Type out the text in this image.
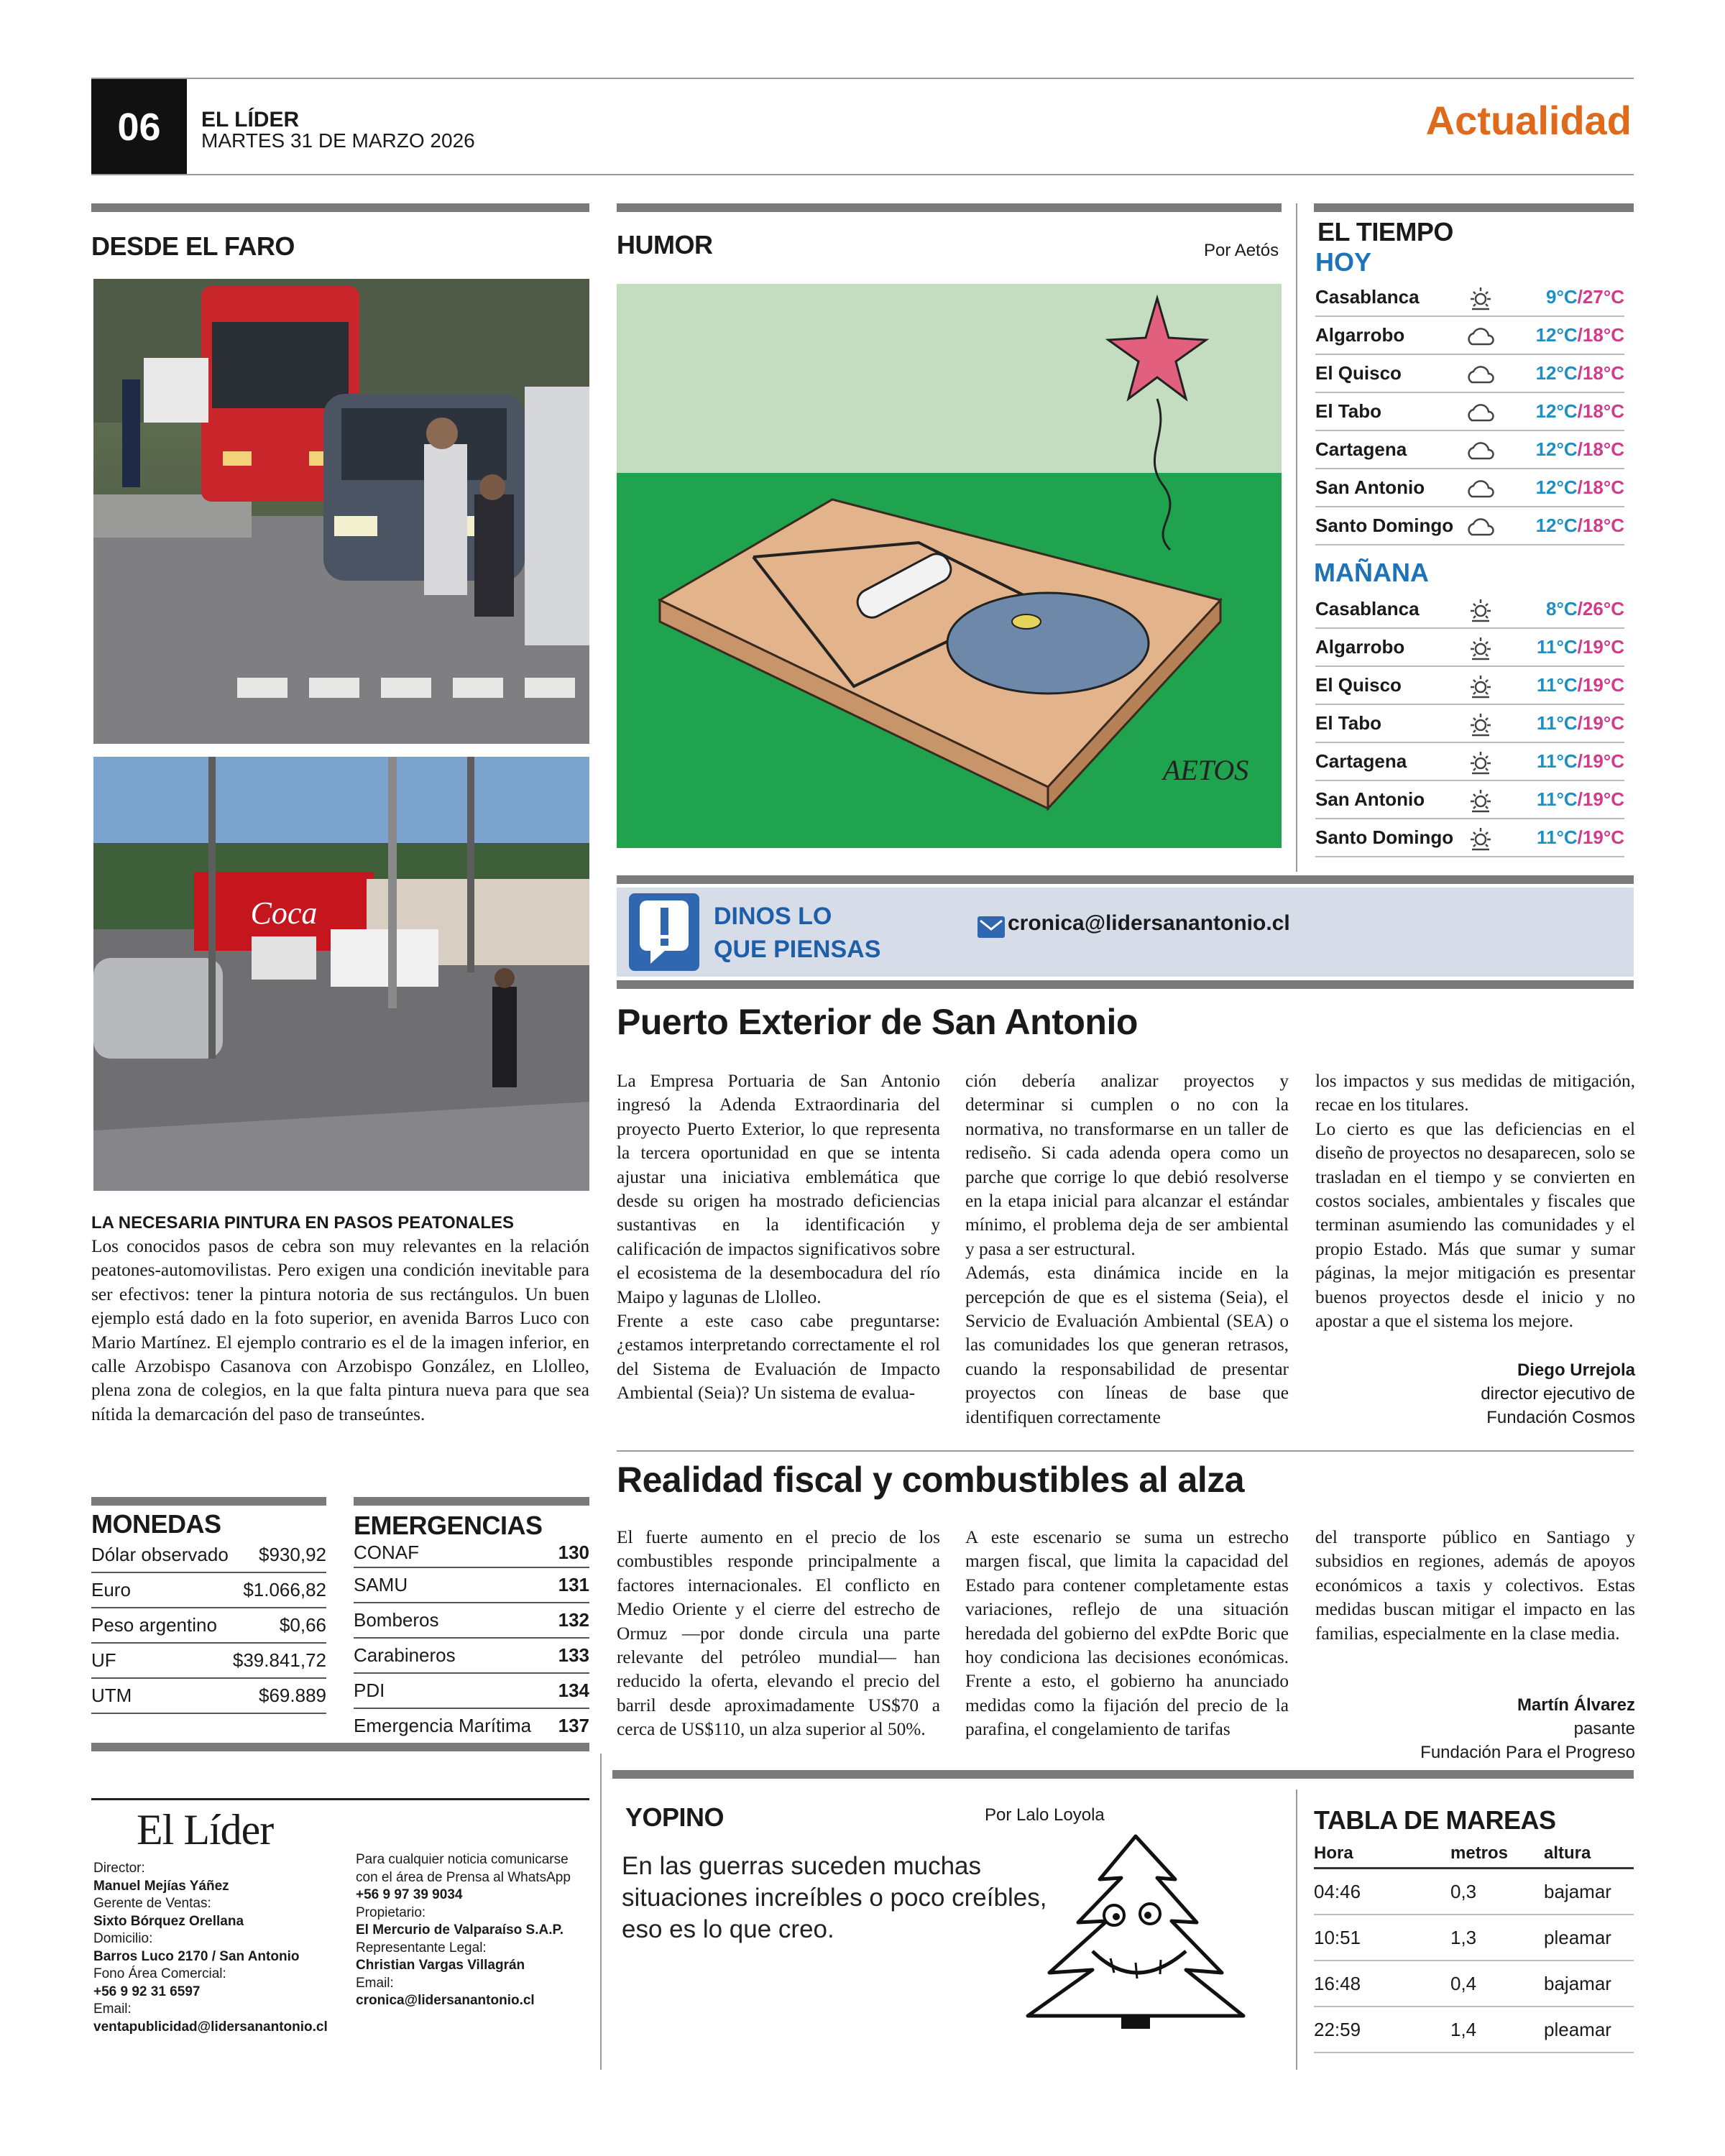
06	EL LÍDER
MARTES 31 DE MARZO 2026	Actualidad
DESDE EL FARO
Coca
LA NECESARIA PINTURA EN PASOS PEATONALES
Los conocidos pasos de cebra son muy relevantes en la relación peatones-automovilistas. Pero exigen una condición inevitable para ser efectivos: tener la pintura notoria de sus rectángulos. Un buen ejemplo está dado en la foto superior, en avenida Barros Luco con Mario Martínez. El ejemplo contrario es el de la imagen inferior, en calle Arzobispo Casanova con Arzobispo González, en Llolleo, plena zona de colegios, en la que falta pintura nueva para que sea nítida la demarcación del paso de transeúntes.
MONEDAS
Dólar observado $930,92
Euro	$1.066,82
Peso argentino	$0,66
UF	$39.841,72
UTM	$69.889
EMERGENCIAS
CONAF	130
SAMU	131
Bomberos	132
Carabineros	133
PDI	134
Emergencia Marítima 137
El Líder
Director:
Manuel Mejías Yáñez
Gerente de Ventas:
Sixto Bórquez Orellana
Domicilio:
Barros Luco 2170 / San Antonio
Fono Área Comercial:
+56 9 92 31 6597
Email:
ventapublicidad@lidersanantonio.cl
Para cualquier noticia comunicarse
con el área de Prensa al WhatsApp
+56 9 97 39 9034
Propietario:
El Mercurio de Valparaíso S.A.P.
Representante Legal:
Christian Vargas Villagrán
Email:
cronica@lidersanantonio.cl
HUMOR	Por Aetós
AETOS
DINOS LO
QUE PIENSAS
cronica@lidersanantonio.cl
EL TIEMPO
HOY
Casablanca	9°C/27°C
Algarrobo	12°C/18°C
El Quisco	12°C/18°C
El Tabo	12°C/18°C
Cartagena	12°C/18°C
San Antonio	12°C/18°C
Santo Domingo	12°C/18°C
MAÑANA
Casablanca	8°C/26°C
Algarrobo	11°C/19°C
El Quisco	11°C/19°C
El Tabo	11°C/19°C
Cartagena	11°C/19°C
San Antonio	11°C/19°C
Santo Domingo	11°C/19°C
Puerto Exterior de San Antonio
La Empresa Portuaria de San Antonio ingresó la Adenda Extraordinaria del proyecto Puerto Exterior, lo que representa la tercera oportunidad en que se intenta ajustar una iniciativa emblemática que desde su origen ha mostrado deficiencias sustantivas en la identificación y calificación de impactos significativos sobre el ecosistema de la desembocadura del río Maipo y lagunas de Llolleo.
Frente a este caso cabe preguntarse: ¿estamos interpretando correctamente el rol del Sistema de Evaluación de Impacto Ambiental (Seia)? Un sistema de evalua-
ción debería analizar proyectos y determinar si cumplen o no con la normativa, no transformarse en un taller de rediseño. Si cada adenda opera como un parche que corrige lo que debió resolverse en la etapa inicial para alcanzar el estándar mínimo, el problema deja de ser ambiental y pasa a ser estructural.
Además, esta dinámica incide en la percepción de que es el sistema (Seia), el Servicio de Evaluación Ambiental (SEA) o las comunidades los que generan retrasos, cuando la responsabilidad de presentar proyectos con líneas de base que identifiquen correctamente
los impactos y sus medidas de mitigación, recae en los titulares.
Lo cierto es que las deficiencias en el diseño de proyectos no desaparecen, solo se trasladan en el tiempo y se convierten en costos sociales, ambientales y fiscales que terminan asumiendo las comunidades y el propio Estado. Más que sumar y sumar páginas, la mejor mitigación es presentar buenos proyectos desde el inicio y no apostar a que el sistema los mejore.
Diego Urrejola
director ejecutivo de
Fundación Cosmos
Realidad fiscal y combustibles al alza
El fuerte aumento en el precio de los combustibles responde principalmente a factores internacionales. El conflicto en Medio Oriente y el cierre del estrecho de Ormuz —por donde circula una parte relevante del petróleo mundial— han reducido la oferta, elevando el precio del barril desde aproximadamente US$70 a cerca de US$110, un alza superior al 50%.
A este escenario se suma un estrecho margen fiscal, que limita la capacidad del Estado para contener completamente estas variaciones, reflejo de una situación heredada del gobierno del exPdte Boric que hoy condiciona las decisiones económicas. Frente a esto, el gobierno ha anunciado medidas como la fijación del precio de la parafina, el congelamiento de tarifas
del transporte público en Santiago y subsidios en regiones, además de apoyos económicos a taxis y colectivos. Estas medidas buscan mitigar el impacto en las familias, especialmente en la clase media.
Martín Álvarez
pasante
Fundación Para el Progreso
YOPINO	Por Lalo Loyola
En las guerras suceden muchas situaciones increíbles o poco creíbles, eso es lo que creo.
TABLA DE MAREAS
Hora	metros	altura
04:46	0,3	bajamar
10:51	1,3	pleamar
16:48	0,4	bajamar
22:59	1,4	pleamar
